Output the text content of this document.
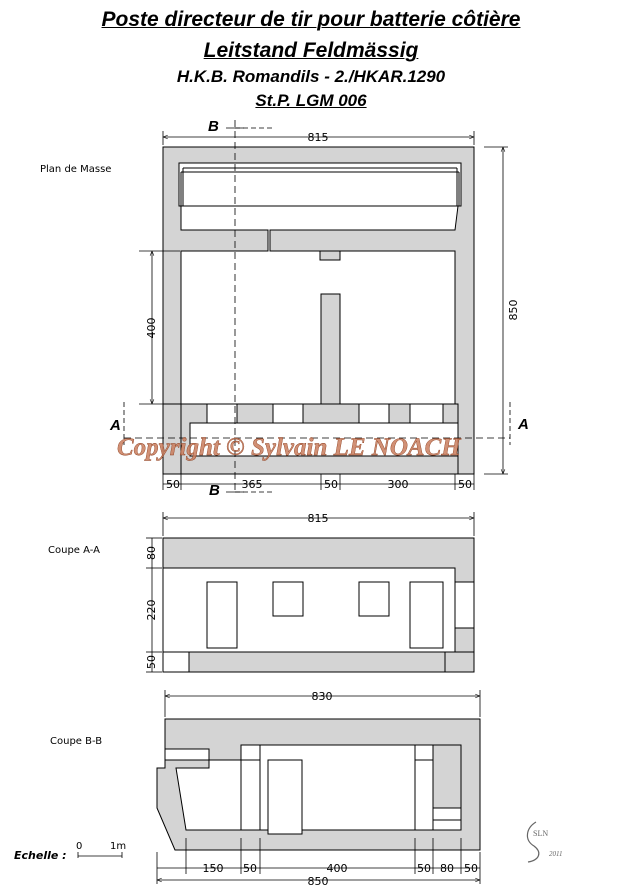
Poste directeur de tir pour batterie côtière
Leitstand Feldmässig
H.K.B. Romandils - 2./HKAR.1290
St.P. LGM 006
Plan de Masse
Coupe A-A
Coupe B-B
B
B
A	A
Echelle :
0	1m
815
850
400
50	365	50	300	50
Copyright © Sylvain LE NOACH
815
80
220
50
830
150 50	400	50 80 50
850
SLN
2011
